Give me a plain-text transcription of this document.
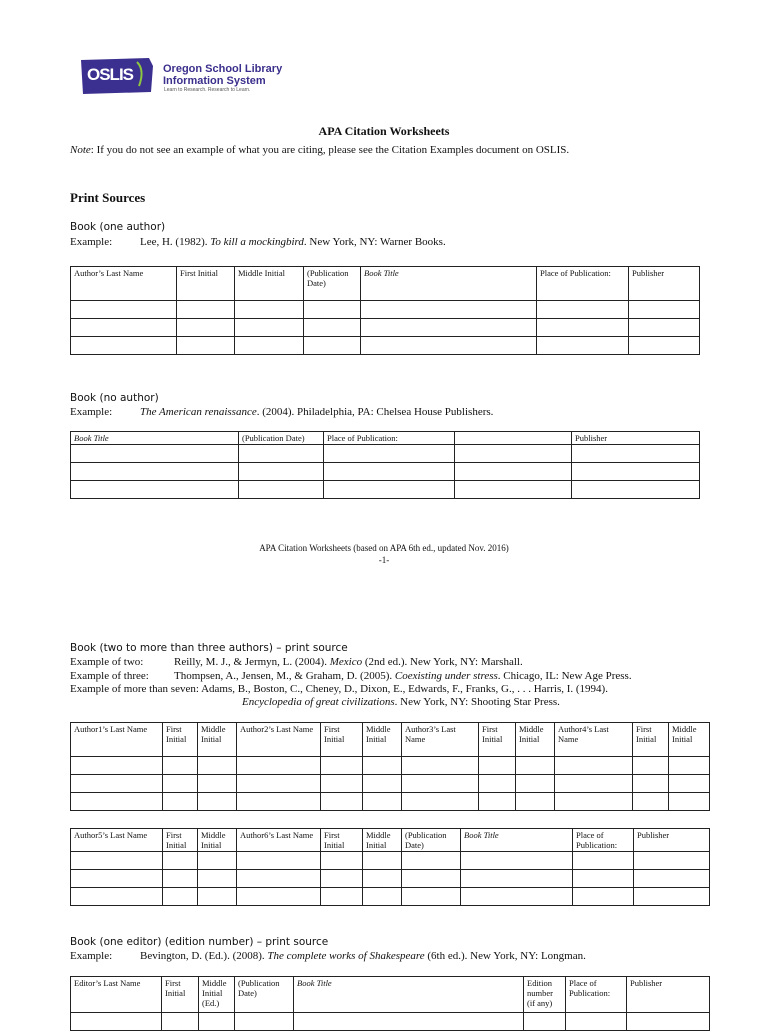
OSLIS	Oregon School Library
Information System
Learn to Research. Research to Learn.
APA Citation Worksheets
Note: If you do not see an example of what you are citing, please see the Citation Examples document on OSLIS.
Print Sources
Book (one author)
Example:	Lee, H. (1982). To kill a mockingbird. New York, NY: Warner Books.
Author’s Last Name	First Initial	Middle Initial	(Publication Date)	Book Title	Place of Publication:	Publisher

Book (no author)
Example:	The American renaissance. (2004). Philadelphia, PA: Chelsea House Publishers.
Book Title	(Publication Date)	Place of Publication:		Publisher

APA Citation Worksheets (based on APA 6th ed., updated Nov. 2016)
-1-
Book (two to more than three authors) – print source
Example of two:	Reilly, M. J., & Jermyn, L. (2004). Mexico (2nd ed.). New York, NY: Marshall.
Example of three: Thompsen, A., Jensen, M., & Graham, D. (2005). Coexisting under stress. Chicago, IL: New Age Press.
Example of more than seven: Adams, B., Boston, C., Cheney, D., Dixon, E., Edwards, F., Franks, G., . . . Harris, I. (1994).
Encyclopedia of great civilizations. New York, NY: Shooting Star Press.
Author1’s Last Name	First Initial	Middle Initial	Author2’s Last Name	First Initial	Middle Initial	Author3’s Last Name	First Initial	Middle Initial	Author4’s Last Name	First Initial	Middle Initial

Author5’s Last Name	First Initial	Middle Initial	Author6’s Last Name	First Initial	Middle Initial	(Publication Date)	Book Title	Place of Publication:	Publisher

Book (one editor) (edition number) – print source
Example:	Bevington, D. (Ed.). (2008). The complete works of Shakespeare (6th ed.). New York, NY: Longman.
Editor’s Last Name	First Initial	Middle Initial (Ed.)	(Publication Date)	Book Title	Edition number (if any)	Place of Publication:	Publisher
